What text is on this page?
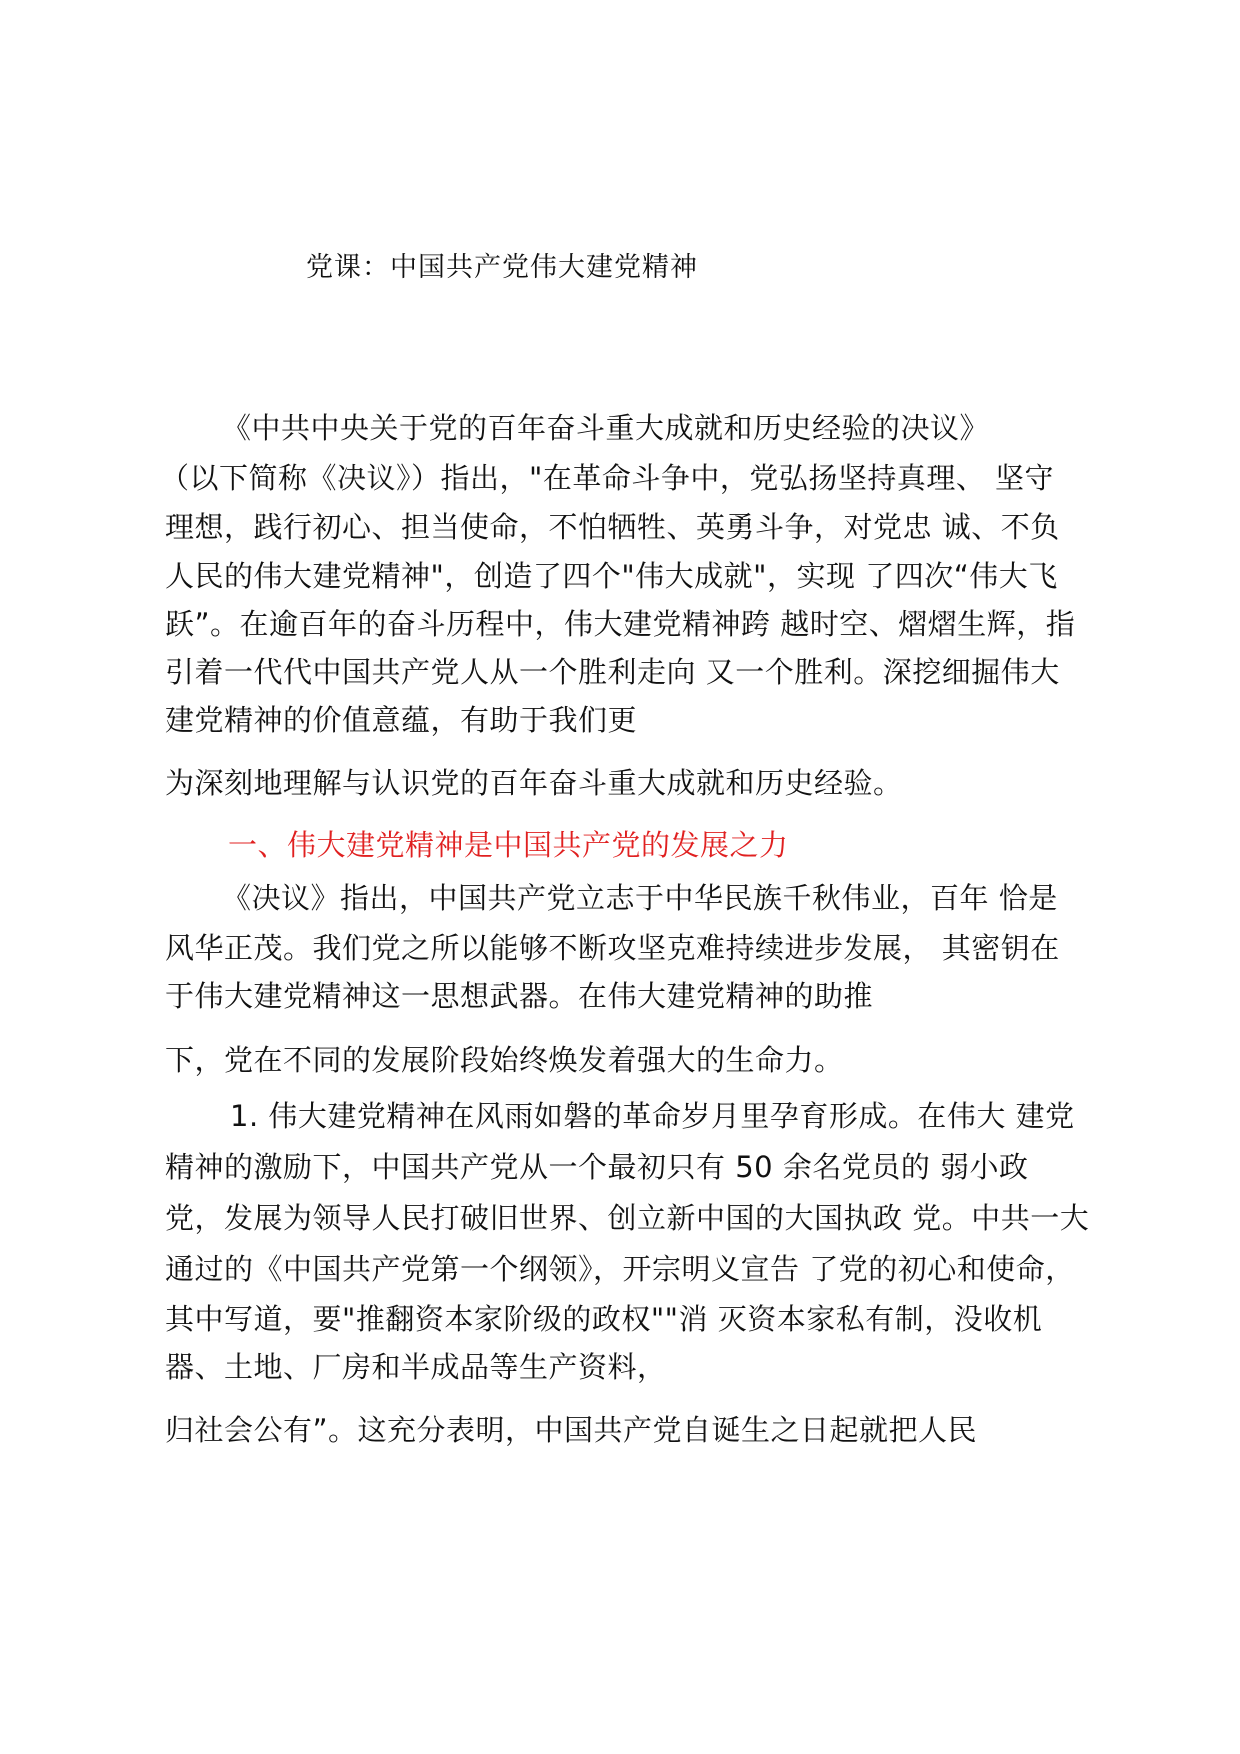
党课：中国共产党伟大建党精神
《中共中央关于党的百年奋斗重大成就和历史经验的决议》
（以下简称《决议》）指出，"在革命斗争中，党弘扬坚持真理、 坚守
理想，践行初心、担当使命，不怕牺牲、英勇斗争，对党忠 诚、不负
人民的伟大建党精神"，创造了四个"伟大成就"，实现 了四次“伟大飞
跃”。在逾百年的奋斗历程中，伟大建党精神跨 越时空、熠熠生辉，指
引着一代代中国共产党人从一个胜利走向 又一个胜利。深挖细掘伟大
建党精神的价值意蕴，有助于我们更
为深刻地理解与认识党的百年奋斗重大成就和历史经验。
一、伟大建党精神是中国共产党的发展之力
《决议》指出，中国共产党立志于中华民族千秋伟业，百年 恰是
风华正茂。我们党之所以能够不断攻坚克难持续进步发展， 其密钥在
于伟大建党精神这一思想武器。在伟大建党精神的助推
下，党在不同的发展阶段始终焕发着强大的生命力。
1. 伟大建党精神在风雨如磐的革命岁月里孕育形成。在伟大 建党
精神的激励下，中国共产党从一个最初只有 50 余名党员的 弱小政
党，发展为领导人民打破旧世界、创立新中国的大国执政 党。中共一大
通过的《中国共产党第一个纲领》，开宗明义宣告 了党的初心和使命，
其中写道，要"推翻资本家阶级的政权""消 灭资本家私有制，没收机
器、土地、厂房和半成品等生产资料，
归社会公有”。这充分表明，中国共产党自诞生之日起就把人民
